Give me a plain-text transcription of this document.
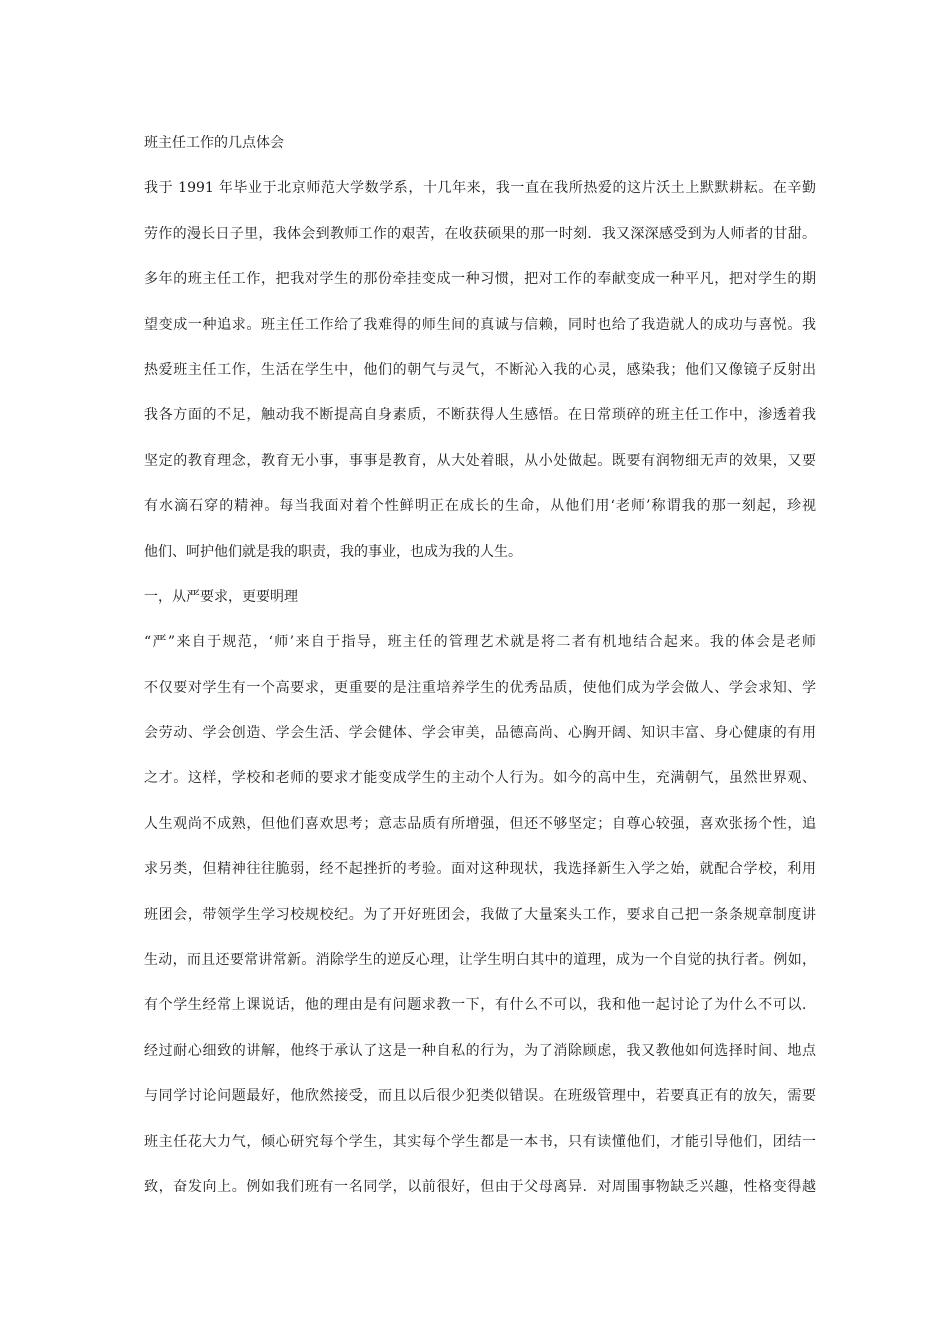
班主任工作的几点体会
我于 1991 年毕业于北京师范大学数学系，十几年来，我一直在我所热爱的这片沃土上默默耕耘。在辛勤
劳作的漫长日子里，我体会到教师工作的艰苦，在收获硕果的那一时刻．我又深深感受到为人师者的甘甜。
多年的班主任工作，把我对学生的那份牵挂变成一种习惯，把对工作的奉献变成一种平凡，把对学生的期
望变成一种追求。班主任工作给了我难得的师生间的真诚与信赖，同时也给了我造就人的成功与喜悦。我
热爱班主任工作，生活在学生中，他们的朝气与灵气，不断沁入我的心灵，感染我；他们又像镜子反射出
我各方面的不足，触动我不断提高自身素质，不断获得人生感悟。在日常琐碎的班主任工作中，渗透着我
坚定的教育理念，教育无小事，事事是教育，从大处着眼，从小处做起。既要有润物细无声的效果，又要
有水滴石穿的精神。每当我面对着个性鲜明正在成长的生命，从他们用‘老师’称谓我的那一刻起，珍视
他们、呵护他们就是我的职责，我的事业，也成为我的人生。
一，从严要求，更要明理
“严”来自于规范，‘师’来自于指导，班主任的管理艺术就是将二者有机地结合起来。我的体会是老师
不仅要对学生有一个高要求，更重要的是注重培养学生的优秀品质，使他们成为学会做人、学会求知、学
会劳动、学会创造、学会生活、学会健体、学会审美，品德高尚、心胸开阔、知识丰富、身心健康的有用
之才。这样，学校和老师的要求才能变成学生的主动个人行为。如今的高中生，充满朝气，虽然世界观、
人生观尚不成熟，但他们喜欢思考；意志品质有所增强，但还不够坚定；自尊心较强，喜欢张扬个性，追
求另类，但精神往往脆弱，经不起挫折的考验。面对这种现状，我选择新生入学之始，就配合学校，利用
班团会，带领学生学习校规校纪。为了开好班团会，我做了大量案头工作，要求自己把一条条规章制度讲
生动，而且还要常讲常新。消除学生的逆反心理，让学生明白其中的道理，成为一个自觉的执行者。例如，
有个学生经常上课说话，他的理由是有问题求教一下，有什么不可以，我和他一起讨论了为什么不可以．
经过耐心细致的讲解，他终于承认了这是一种自私的行为，为了消除顾虑，我又教他如何选择时间、地点
与同学讨论问题最好，他欣然接受，而且以后很少犯类似错误。在班级管理中，若要真正有的放矢，需要
班主任花大力气，倾心研究每个学生，其实每个学生都是一本书，只有读懂他们，才能引导他们，团结一
致，奋发向上。例如我们班有一名同学，以前很好，但由于父母离异．对周围事物缺乏兴趣，性格变得越
